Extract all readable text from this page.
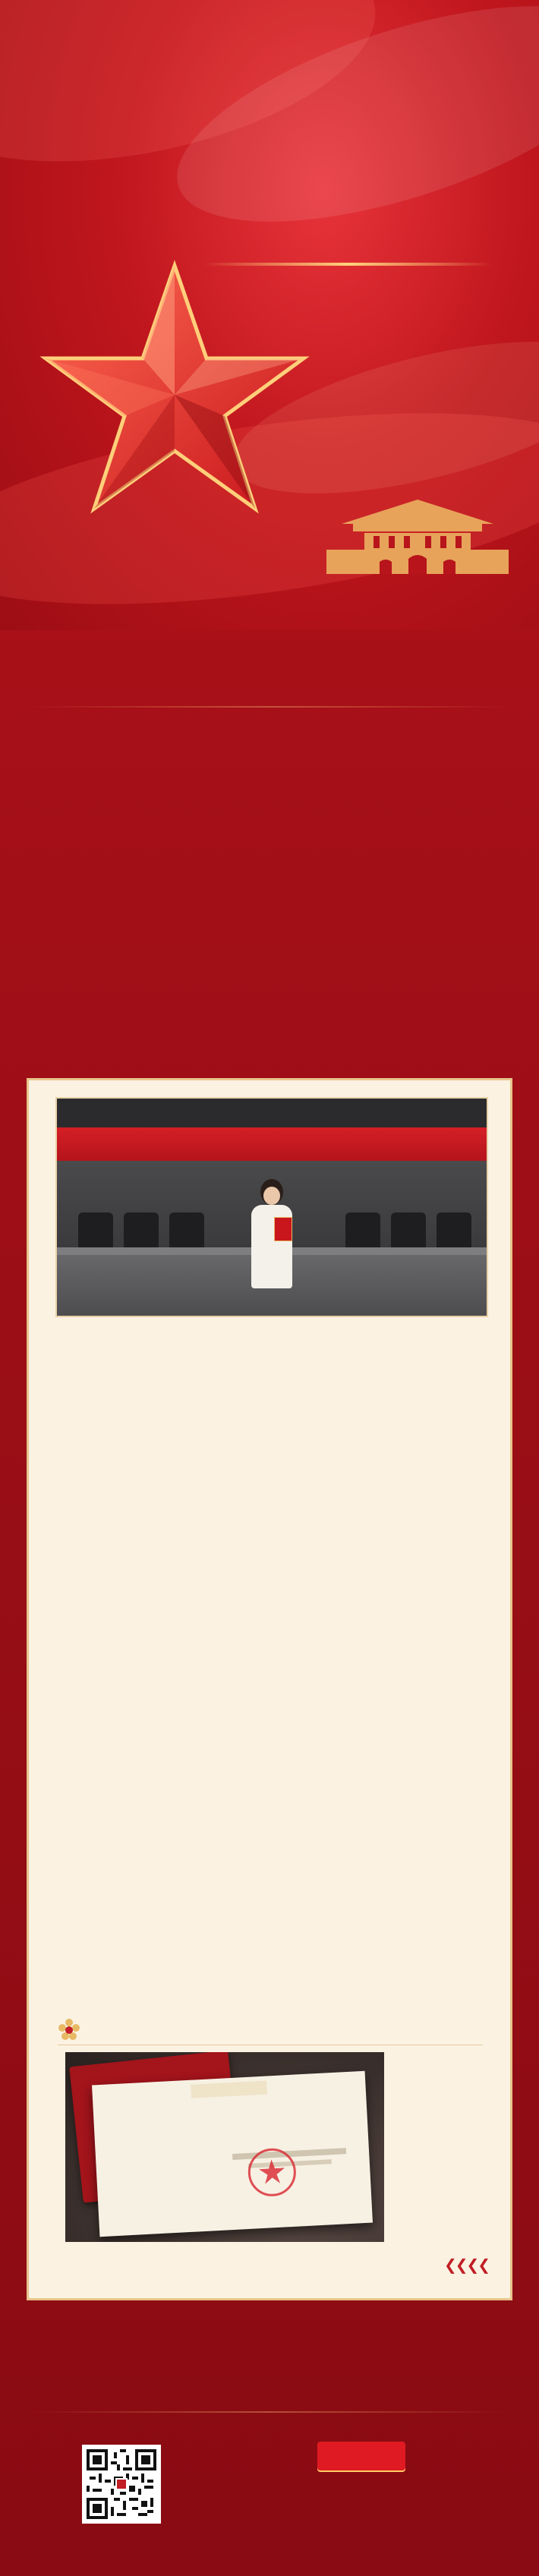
❮❮❮❮
